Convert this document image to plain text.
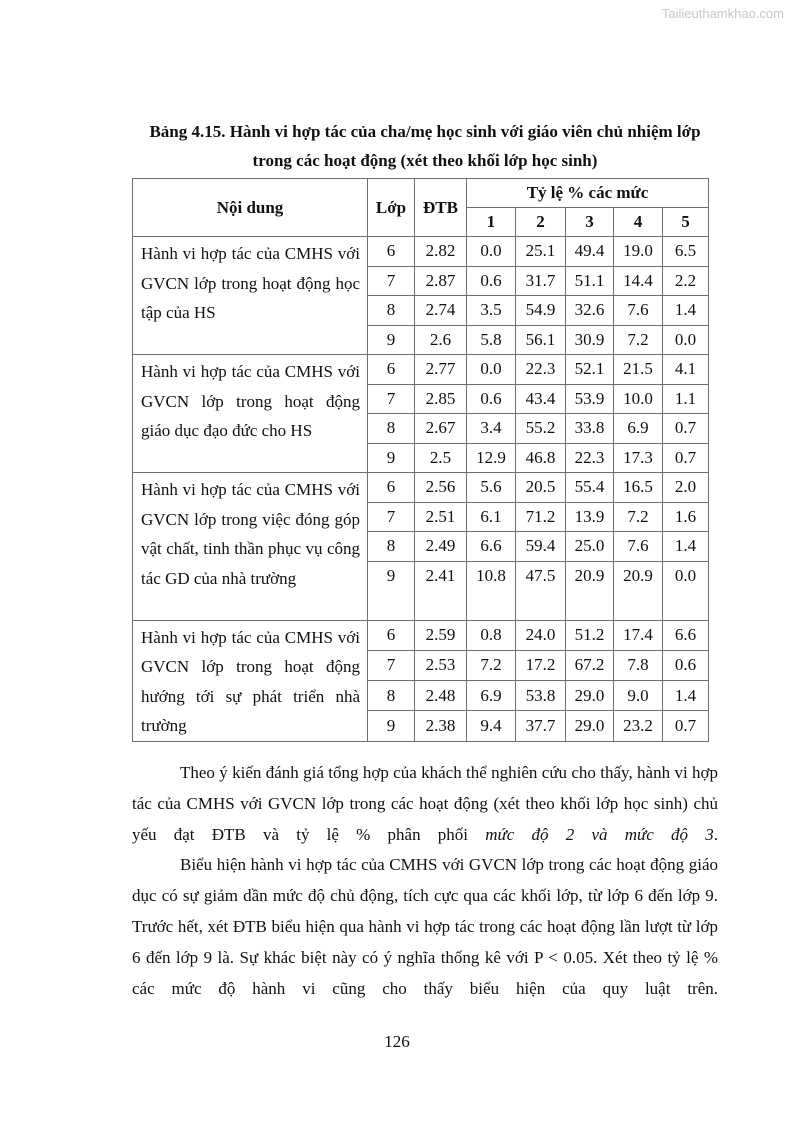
Tailieuthamkhao.com
Bảng 4.15. Hành vi hợp tác của cha/mẹ học sinh với giáo viên chủ nhiệm lớp
trong các hoạt động (xét theo khối lớp học sinh)
Nội dung	Lớp	ĐTB	Tỷ lệ % các mức				
			1	2	3	4	5
Hành vi hợp tác của CMHS với GVCN lớp trong hoạt động học tập của HS	6	2.82	0.0	25.1	49.4	19.0	6.5
	7	2.87	0.6	31.7	51.1	14.4	2.2
	8	2.74	3.5	54.9	32.6	7.6	1.4
	9	2.6	5.8	56.1	30.9	7.2	0.0
Hành vi hợp tác của CMHS với GVCN lớp trong hoạt động giáo dục đạo đức cho HS	6	2.77	0.0	22.3	52.1	21.5	4.1
	7	2.85	0.6	43.4	53.9	10.0	1.1
	8	2.67	3.4	55.2	33.8	6.9	0.7
	9	2.5	12.9	46.8	22.3	17.3	0.7
Hành vi hợp tác của CMHS với GVCN lớp trong việc đóng góp vật chất, tinh thần phục vụ công tác GD của nhà trường	6	2.56	5.6	20.5	55.4	16.5	2.0
	7	2.51	6.1	71.2	13.9	7.2	1.6
	8	2.49	6.6	59.4	25.0	7.6	1.4
	9	2.41	10.8	47.5	20.9	20.9	0.0
Hành vi hợp tác của CMHS với GVCN lớp trong hoạt động hướng tới sự phát triển nhà trường	6	2.59	0.8	24.0	51.2	17.4	6.6
	7	2.53	7.2	17.2	67.2	7.8	0.6
	8	2.48	6.9	53.8	29.0	9.0	1.4
	9	2.38	9.4	37.7	29.0	23.2	0.7
Theo ý kiến đánh giá tổng hợp của khách thể nghiên cứu cho thấy, hành vi hợp tác của CMHS với GVCN lớp trong các hoạt động (xét theo khối lớp học sinh) chủ yếu đạt ĐTB và tỷ lệ % phân phối mức độ 2 và mức độ 3.
Biểu hiện hành vi hợp tác của CMHS với GVCN lớp trong các hoạt động giáo dục có sự giảm dần mức độ chủ động, tích cực qua các khối lớp, từ lớp 6 đến lớp 9. Trước hết, xét ĐTB biểu hiện qua hành vi hợp tác trong các hoạt động lần lượt từ lớp 6 đến lớp 9 là. Sự khác biệt này có ý nghĩa thống kê với P < 0.05. Xét theo tỷ lệ % các mức độ hành vi cũng cho thấy biểu hiện của quy luật trên.
126
